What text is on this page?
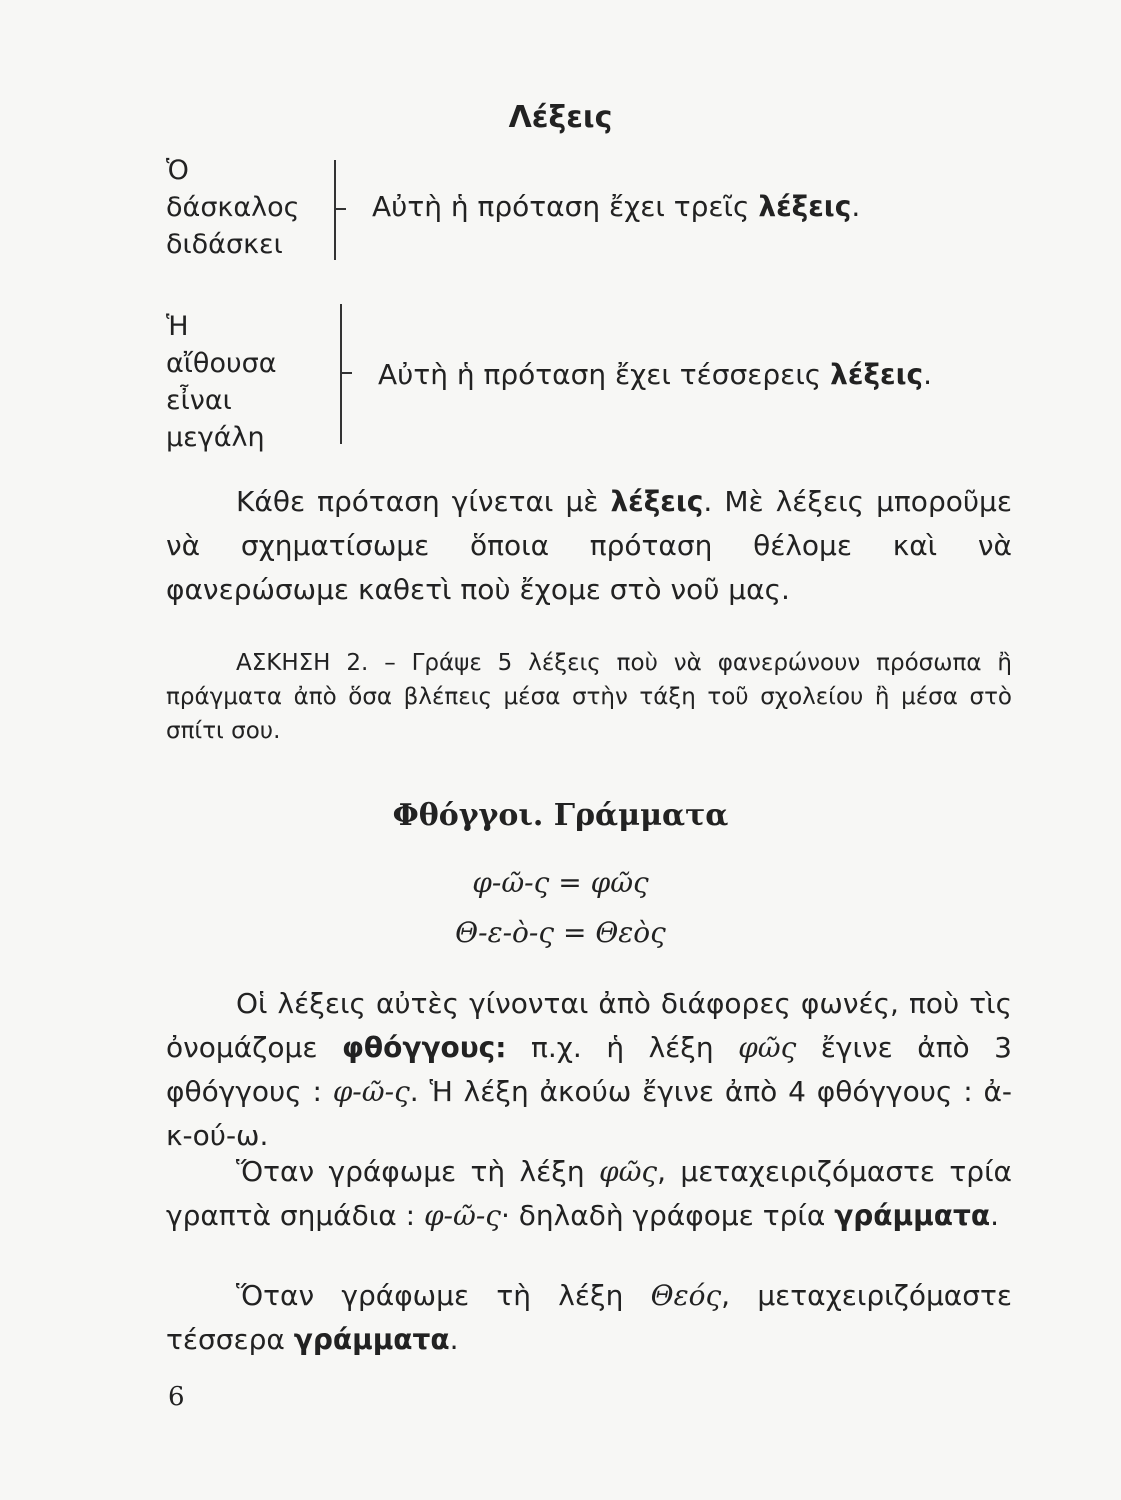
Λέξεις
Ὁ
δάσκαλος
διδάσκει
Αὐτὴ ἡ πρόταση ἔχει τρεῖς λέξεις.
Ἡ
αἴθουσα
εἶναι
μεγάλη
Αὐτὴ ἡ πρόταση ἔχει τέσσερεις λέξεις.
Κάθε πρόταση γίνεται μὲ λέξεις. Μὲ λέξεις μποροῦμε νὰ σχηματίσωμε ὅποια πρόταση θέλομε καὶ νὰ φανερώσωμε καθετὶ ποὺ ἔχομε στὸ νοῦ μας.
ΑΣΚΗΣΗ 2. – Γράψε 5 λέξεις ποὺ νὰ φανερώνουν πρόσωπα ἢ πράγματα ἀπὸ ὅσα βλέπεις μέσα στὴν τάξη τοῦ σχολείου ἢ μέσα στὸ σπίτι σου.
Φθόγγοι. Γράμματα
φ-ῶ-ς = φῶς
Θ-ε-ὸ-ς = Θεὸς
Οἱ λέξεις αὐτὲς γίνονται ἀπὸ διάφορες φωνές, ποὺ τὶς ὀνομάζομε φθόγγους: π.χ. ἡ λέξη φῶς ἔγινε ἀπὸ 3 φθόγγους : φ-ῶ-ς. Ἡ λέξη ἀκούω ἔγινε ἀπὸ 4 φθόγγους : ἀ-κ-ού-ω.
Ὅταν γράφωμε τὴ λέξη φῶς, μεταχειριζόμαστε τρία γραπτὰ σημάδια : φ-ῶ-ς· δηλαδὴ γράφομε τρία γράμματα.
Ὅταν γράφωμε τὴ λέξη Θεός, μεταχειριζόμαστε τέσσερα γράμματα.
6
